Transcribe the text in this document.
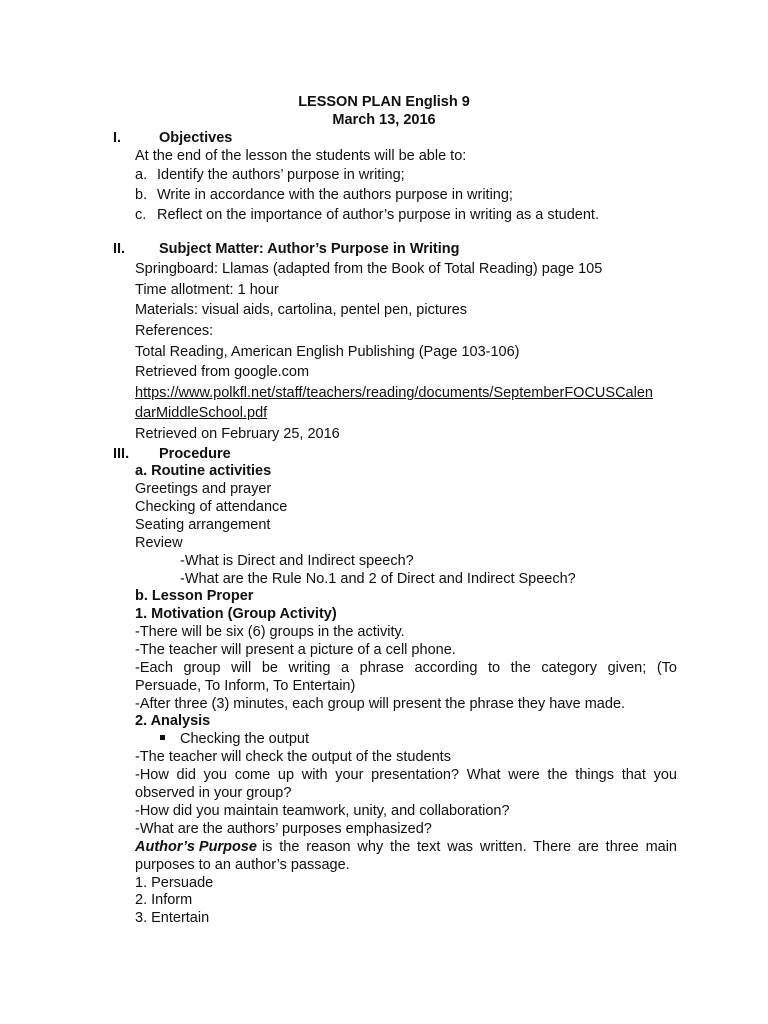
LESSON PLAN English 9
March 13, 2016
I.	Objectives
At the end of the lesson the students will be able to:
a. Identify the authors’ purpose in writing;
b. Write in accordance with the authors purpose in writing;
c. Reflect on the importance of author’s purpose in writing as a student.
II. Subject Matter: Author’s Purpose in Writing
Springboard: Llamas (adapted from the Book of Total Reading) page 105
Time allotment: 1 hour
Materials: visual aids, cartolina, pentel pen, pictures
References:
Total Reading, American English Publishing (Page 103-106)
Retrieved from google.com
https://www.polkfl.net/staff/teachers/reading/documents/SeptemberFOCUSCalen
darMiddleSchool.pdf
Retrieved on February 25, 2016
III. Procedure
a. Routine activities
Greetings and prayer
Checking of attendance
Seating arrangement
Review
-What is Direct and Indirect speech?
-What are the Rule No.1 and 2 of Direct and Indirect Speech?
b. Lesson Proper
1. Motivation (Group Activity)
-There will be six (6) groups in the activity.
-The teacher will present a picture of a cell phone.
-Each group will be writing a phrase according to the category given; (To
Persuade, To Inform, To Entertain)
-After three (3) minutes, each group will present the phrase they have made.
2. Analysis
Checking the output
-The teacher will check the output of the students
-How did you come up with your presentation? What were the things that you
observed in your group?
-How did you maintain teamwork, unity, and collaboration?
-What are the authors’ purposes emphasized?
Author’s Purpose is the reason why the text was written. There are three main
purposes to an author’s passage.
1. Persuade
2. Inform
3. Entertain
